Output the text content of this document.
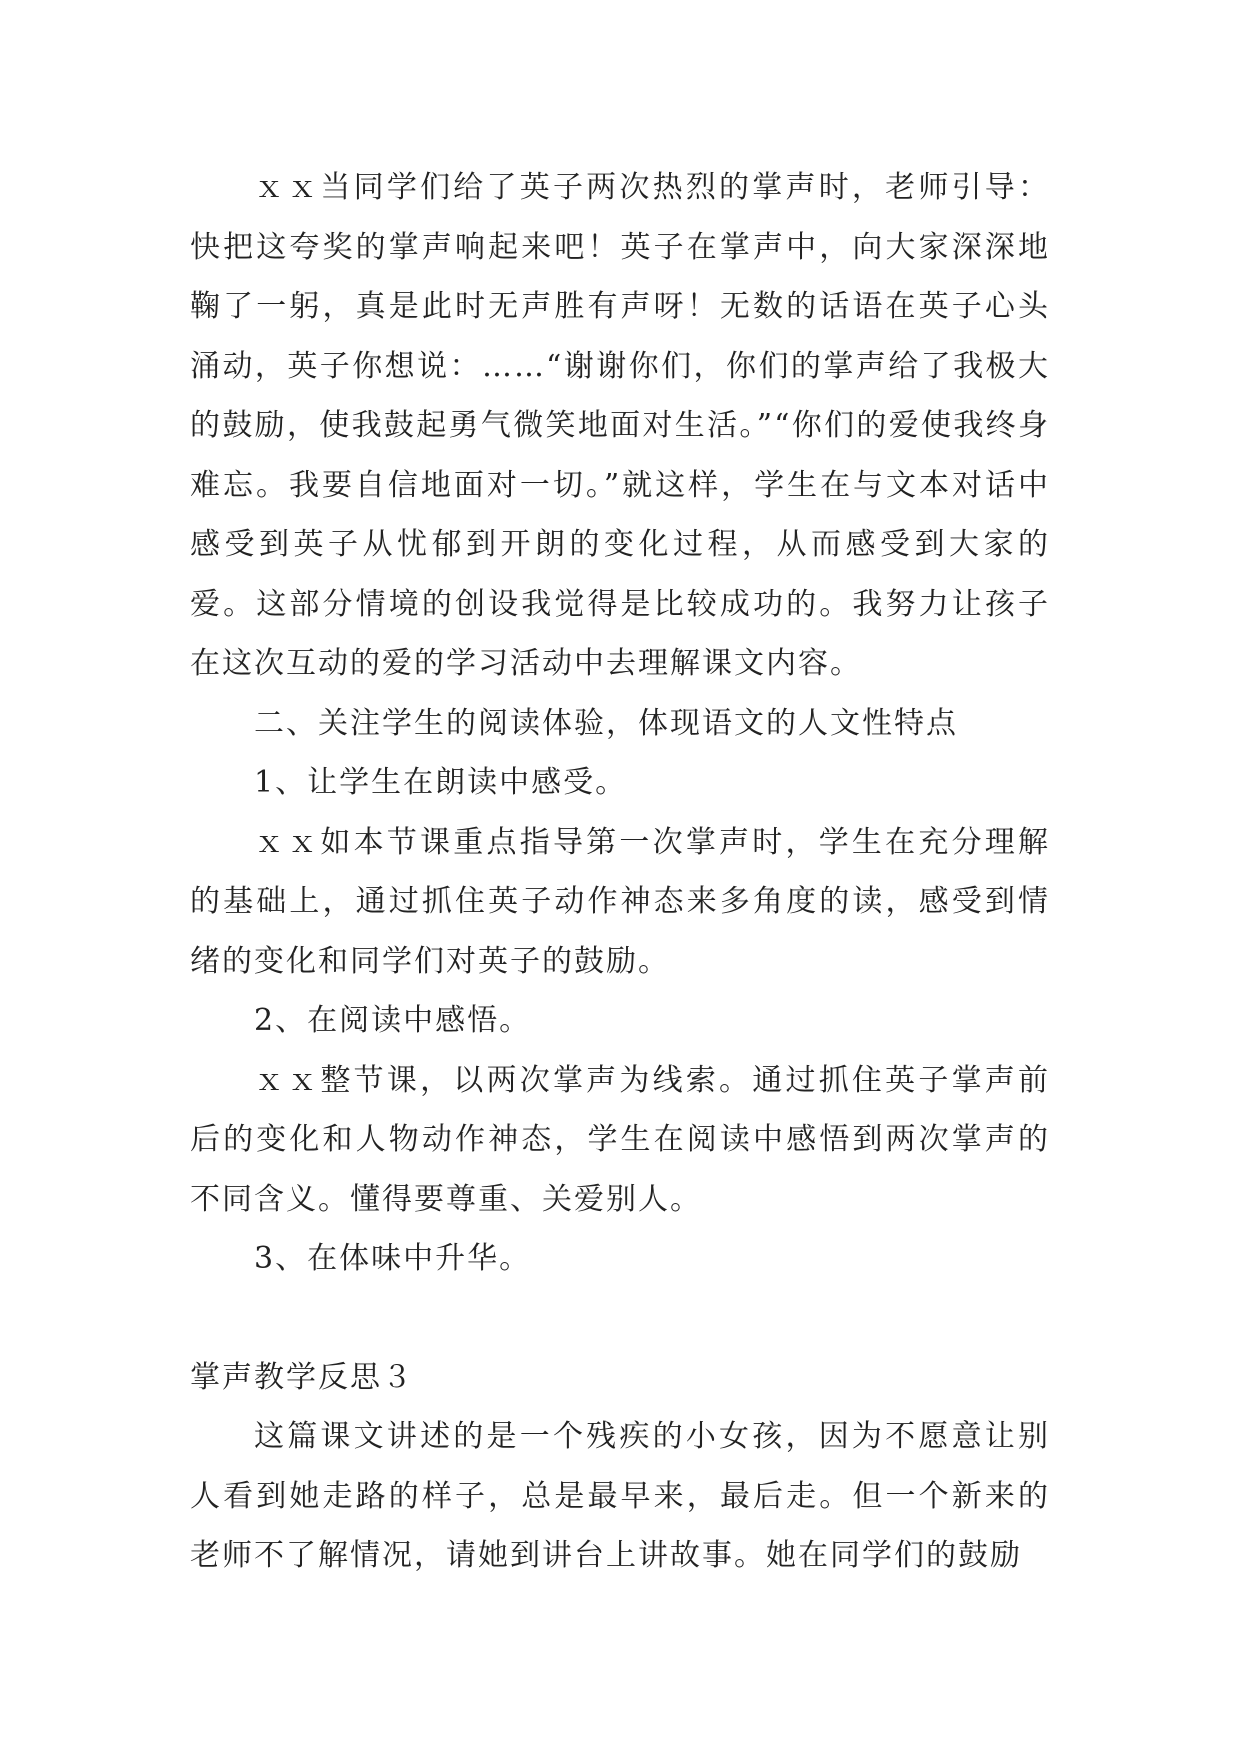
ｘｘ当同学们给了英子两次热烈的掌声时，老师引导：快把这夸奖的掌声响起来吧！英子在掌声中，向大家深深地鞠了一躬，真是此时无声胜有声呀！无数的话语在英子心头涌动，英子你想说：……“谢谢你们，你们的掌声给了我极大的鼓励，使我鼓起勇气微笑地面对生活。”“你们的爱使我终身难忘。我要自信地面对一切。”就这样，学生在与文本对话中感受到英子从忧郁到开朗的变化过程，从而感受到大家的爱。这部分情境的创设我觉得是比较成功的。我努力让孩子在这次互动的爱的学习活动中去理解课文内容。

二、关注学生的阅读体验，体现语文的人文性特点

1、让学生在朗读中感受。

ｘｘ如本节课重点指导第一次掌声时，学生在充分理解的基础上，通过抓住英子动作神态来多角度的读，感受到情绪的变化和同学们对英子的鼓励。

2、在阅读中感悟。

ｘｘ整节课，以两次掌声为线索。通过抓住英子掌声前后的变化和人物动作神态，学生在阅读中感悟到两次掌声的不同含义。懂得要尊重、关爱别人。

3、在体味中升华。

掌声教学反思３

这篇课文讲述的是一个残疾的小女孩，因为不愿意让别人看到她走路的样子，总是最早来，最后走。但一个新来的老师不了解情况，请她到讲台上讲故事。她在同学们的鼓励
